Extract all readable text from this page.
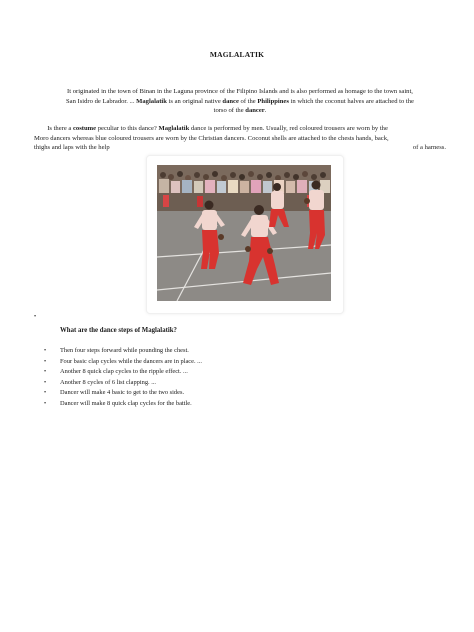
MAGLALATIK
It originated in the town of Binan in the Laguna province of the Filipino Islands and is also performed as homage to the town saint,
San Isidro de Labrador. ... Maglalatik is an original native dance of the Philippines in which the coconut halves are attached to the
torso of the dancer.
Is there a costume peculiar to this dance? Maglalatik dance is performed by men. Usually, red coloured trousers are worn by the
Moro dancers whereas blue coloured trousers are worn by the Christian dancers. Coconut shells are attached to the chests hands, back,
thighs and laps with the help	of a harness.
•
What are the dance steps of Maglalatik?
•	Then four steps forward while pounding the chest.
•	Four basic clap cycles while the dancers are in place. ...
•	Another 8 quick clap cycles to the ripple effect. ...
•	Another 8 cycles of 6 list clapping. ...
•	Dancer will make 4 basic to get to the two sides.
•	Dancer will make 8 quick clap cycles for the battle.
